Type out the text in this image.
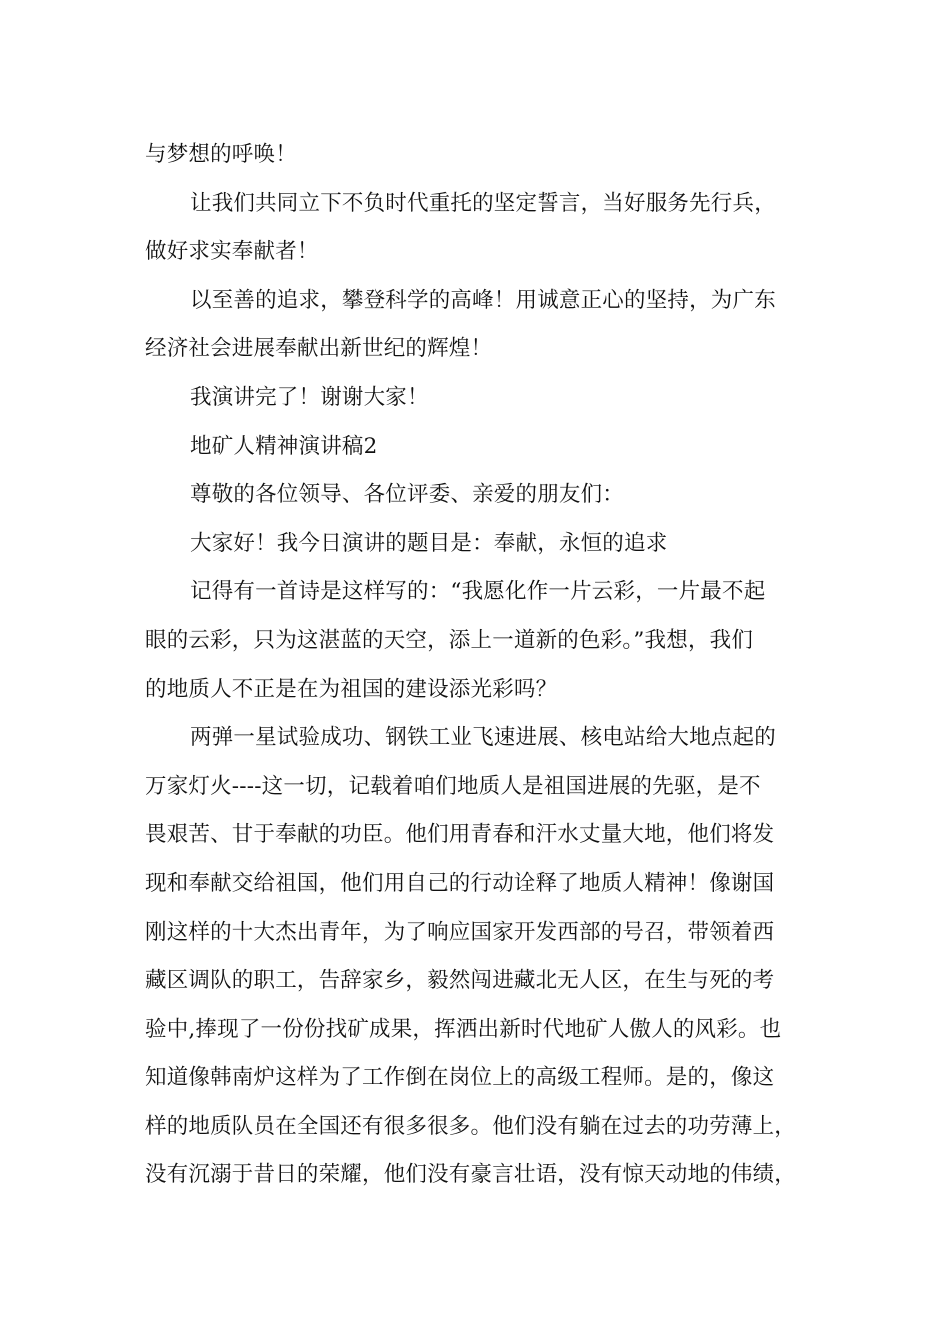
与梦想的呼唤！
让我们共同立下不负时代重托的坚定誓言，当好服务先行兵，
做好求实奉献者！
以至善的追求，攀登科学的高峰！用诚意正心的坚持，为广东
经济社会进展奉献出新世纪的辉煌！
我演讲完了！谢谢大家！
地矿人精神演讲稿2
尊敬的各位领导、各位评委、亲爱的朋友们：
大家好！我今日演讲的题目是：奉献，永恒的追求
记得有一首诗是这样写的：“我愿化作一片云彩，一片最不起
眼的云彩，只为这湛蓝的天空，添上一道新的色彩。”我想，我们
的地质人不正是在为祖国的建设添光彩吗？
两弹一星试验成功、钢铁工业飞速进展、核电站给大地点起的
万家灯火----这一切，记载着咱们地质人是祖国进展的先驱，是不
畏艰苦、甘于奉献的功臣。他们用青春和汗水丈量大地，他们将发
现和奉献交给祖国，他们用自己的行动诠释了地质人精神！像谢国
刚这样的十大杰出青年，为了响应国家开发西部的号召，带领着西
藏区调队的职工，告辞家乡，毅然闯进藏北无人区，在生与死的考
验中,捧现了一份份找矿成果，挥洒出新时代地矿人傲人的风彩。也
知道像韩南炉这样为了工作倒在岗位上的高级工程师。是的，像这
样的地质队员在全国还有很多很多。他们没有躺在过去的功劳薄上，
没有沉溺于昔日的荣耀，他们没有豪言壮语，没有惊天动地的伟绩，
